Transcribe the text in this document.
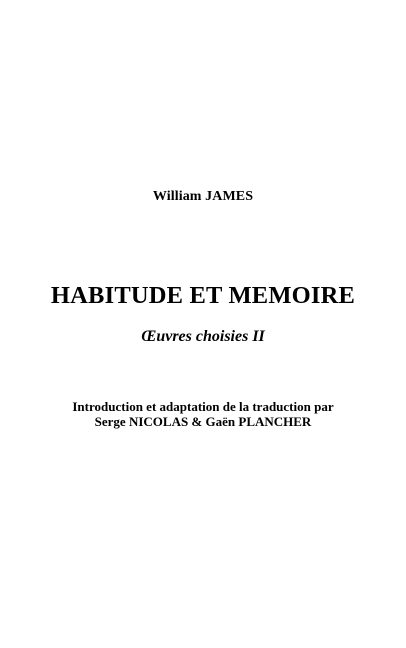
William JAMES
HABITUDE ET MEMOIRE
Œuvres choisies II
Introduction et adaptation de la traduction par
Serge NICOLAS & Gaën PLANCHER
